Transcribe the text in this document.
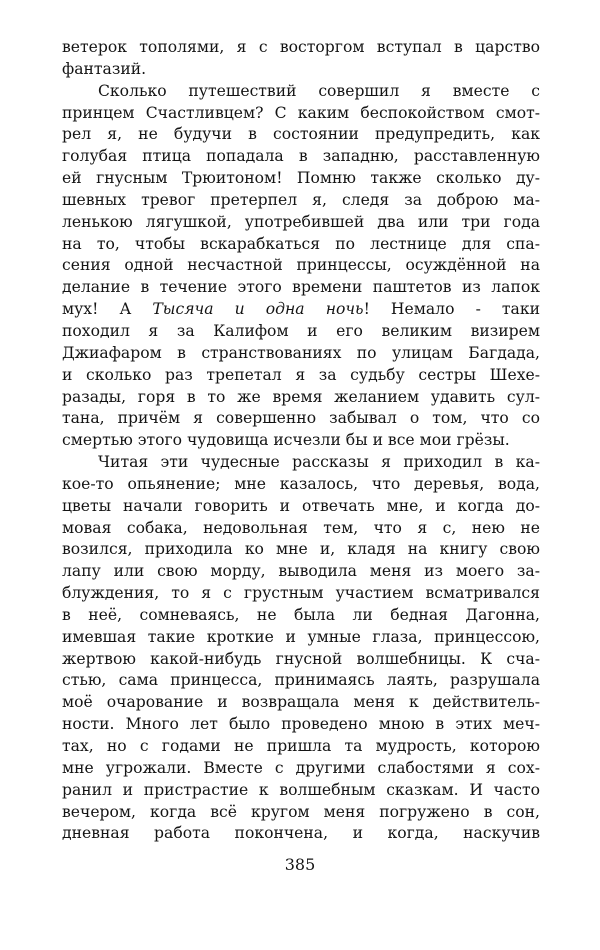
ветерок тополями, я с восторгом вступал в царство
фантазий.
Сколько путешествий совершил я вместе с
принцем Счастливцем? С каким беспокойством смот-
рел я, не будучи в состоянии предупредить, как
голубая птица попадала в западню, расставленную
ей гнусным Трюитоном! Помню также сколько ду-
шевных тревог претерпел я, следя за доброю ма-
ленькою лягушкой, употребившей два или три года
на то, чтобы вскарабкаться по лестнице для спа-
сения одной несчастной принцессы, осуждённой на
делание в течение этого времени паштетов из лапок
мух! А Тысяча и одна ночь! Немало - таки
походил я за Калифом и его великим визирем
Джиафаром в странствованиях по улицам Багдада,
и сколько раз трепетал я за судьбу сестры Шехе-
разады, горя в то же время желанием удавить сул-
тана, причём я совершенно забывал о том, что со
смертью этого чудовища исчезли бы и все мои грёзы.
Читая эти чудесные рассказы я приходил в ка-
кое-то опьянение; мне казалось, что деревья, вода,
цветы начали говорить и отвечать мне, и когда до-
мовая собака, недовольная тем, что я с, нею не
возился, приходила ко мне и, кладя на книгу свою
лапу или свою морду, выводила меня из моего за-
блуждения, то я с грустным участием всматривался
в неё, сомневаясь, не была ли бедная Дагонна,
имевшая такие кроткие и умные глаза, принцессою,
жертвою какой-нибудь гнусной волшебницы. К сча-
стью, сама принцесса, принимаясь лаять, разрушала
моё очарование и возвращала меня к действитель-
ности. Много лет было проведено мною в этих меч-
тах, но с годами не пришла та мудрость, которою
мне угрожали. Вместе с другими слабостями я сох-
ранил и пристрастие к волшебным сказкам. И часто
вечером, когда всё кругом меня погружено в сон,
дневная работа покончена, и когда, наскучив
385
